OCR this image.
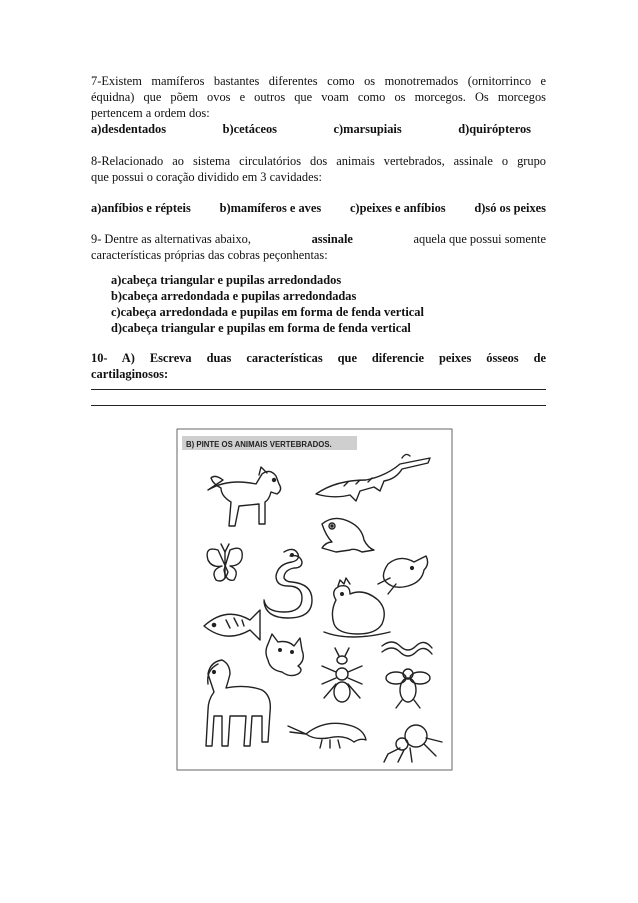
7-Existem mamíferos bastantes diferentes como os monotremados (ornitorrinco e
équidna) que põem ovos e outros que voam como os morcegos. Os morcegos
pertencem a ordem dos:
a)desdentados	b)cetáceos	c)marsupiais	d)quirópteros
8-Relacionado ao sistema circulatórios dos animais vertebrados, assinale o grupo
que possui o coração dividido em 3 cavidades:
a)anfíbios e répteis b)mamíferos e aves c)peixes e anfíbios d)só os peixes
9- Dentre as alternativas abaixo,	assinale	aquela que possui somente
características próprias das cobras peçonhentas:
a)cabeça triangular e pupilas arredondados
b)cabeça arredondada e pupilas arredondadas
c)cabeça arredondada e pupilas em forma de fenda vertical
d)cabeça triangular e pupilas em forma de fenda vertical
10- A) Escreva duas características que diferencie peixes ósseos de
cartilaginosos:
B) PINTE OS ANIMAIS VERTEBRADOS.
